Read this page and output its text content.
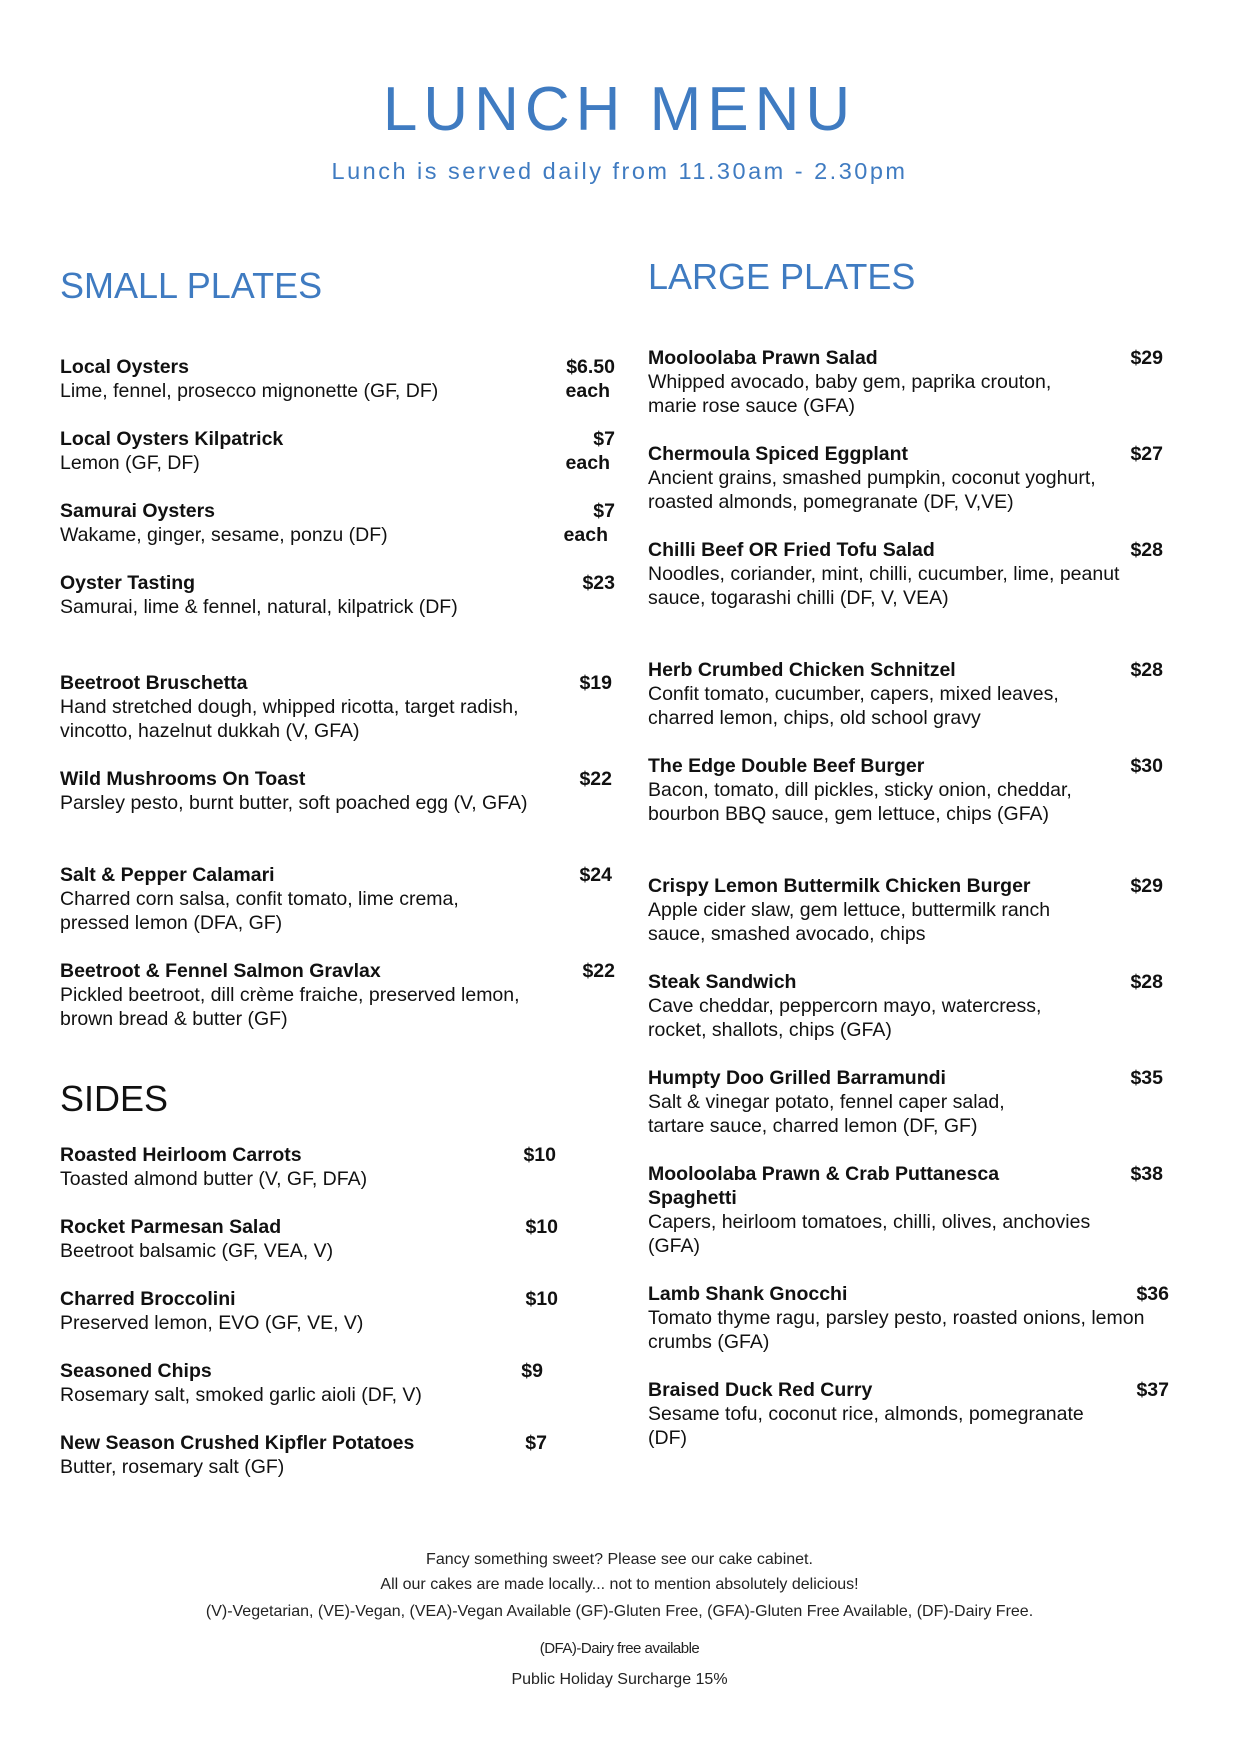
LUNCH MENU
Lunch is served daily from 11.30am - 2.30pm
SMALL PLATES
Local Oysters
Lime, fennel, prosecco mignonette (GF, DF)
$6.50
each
Local Oysters Kilpatrick
Lemon (GF, DF)
$7
each
Samurai Oysters
Wakame, ginger, sesame, ponzu (DF)
$7
each
Oyster Tasting
Samurai, lime & fennel, natural, kilpatrick (DF)
$23
Beetroot Bruschetta
Hand stretched dough, whipped ricotta, target radish, vincotto, hazelnut dukkah (V, GFA)
$19
Wild Mushrooms On Toast
Parsley pesto, burnt butter, soft poached egg (V, GFA)
$22
Salt & Pepper Calamari
Charred corn salsa, confit tomato, lime crema, pressed lemon (DFA, GF)
$24
Beetroot & Fennel Salmon Gravlax
Pickled beetroot, dill crème fraiche, preserved lemon, brown bread & butter (GF)
$22
SIDES
Roasted Heirloom Carrots
Toasted almond butter (V, GF, DFA)
$10
Rocket Parmesan Salad
Beetroot balsamic (GF, VEA, V)
$10
Charred Broccolini
Preserved lemon, EVO (GF, VE, V)
$10
Seasoned Chips
Rosemary salt, smoked garlic aioli (DF, V)
$9
New Season Crushed Kipfler Potatoes
Butter, rosemary salt (GF)
$7
LARGE PLATES
Mooloolaba Prawn Salad
Whipped avocado, baby gem, paprika crouton, marie rose sauce (GFA)
$29
Chermoula Spiced Eggplant
Ancient grains, smashed pumpkin, coconut yoghurt, roasted almonds, pomegranate (DF, V,VE)
$27
Chilli Beef OR Fried Tofu Salad
Noodles, coriander, mint, chilli, cucumber, lime, peanut sauce, togarashi chilli (DF, V, VEA)
$28
Herb Crumbed Chicken Schnitzel
Confit tomato, cucumber, capers, mixed leaves, charred lemon, chips, old school gravy
$28
The Edge Double Beef Burger
Bacon, tomato, dill pickles, sticky onion, cheddar, bourbon BBQ sauce, gem lettuce, chips (GFA)
$30
Crispy Lemon Buttermilk Chicken Burger
Apple cider slaw, gem lettuce, buttermilk ranch sauce, smashed avocado, chips
$29
Steak Sandwich
Cave cheddar, peppercorn mayo, watercress, rocket, shallots, chips (GFA)
$28
Humpty Doo Grilled Barramundi
Salt & vinegar potato, fennel caper salad, tartare sauce, charred lemon (DF, GF)
$35
Mooloolaba Prawn & Crab Puttanesca Spaghetti
Capers, heirloom tomatoes, chilli, olives, anchovies (GFA)
$38
Lamb Shank Gnocchi
Tomato thyme ragu, parsley pesto, roasted onions, lemon crumbs (GFA)
$36
Braised Duck Red Curry
Sesame tofu, coconut rice, almonds, pomegranate (DF)
$37
Fancy something sweet? Please see our cake cabinet.
All our cakes are made locally... not to mention absolutely delicious!
(V)-Vegetarian, (VE)-Vegan, (VEA)-Vegan Available (GF)-Gluten Free, (GFA)-Gluten Free Available, (DF)-Dairy Free.
(DFA)-Dairy free available
Public Holiday Surcharge 15%
